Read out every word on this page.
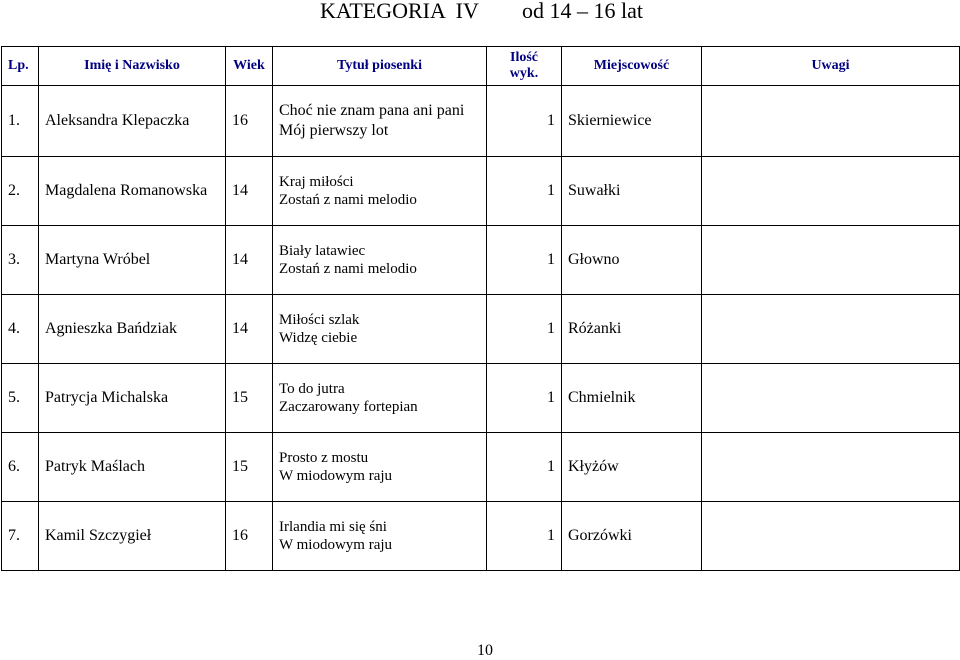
KATEGORIA  IV od 14 – 16 lat
Lp.	Imię i Nazwisko	Wiek	Tytuł piosenki	Ilość
wyk.	Miejscowość	Uwagi
1.	Aleksandra Klepaczka	16	Choć nie znam pana ani pani
Mój pierwszy lot	1	Skierniewice	
2.	Magdalena Romanowska	14	Kraj miłości
Zostań z nami melodio	1	Suwałki	
3.	Martyna Wróbel	14	Biały latawiec
Zostań z nami melodio	1	Głowno	
4.	Agnieszka Bańdziak	14	Miłości szlak
Widzę ciebie	1	Różanki	
5.	Patrycja Michalska	15	To do jutra
Zaczarowany fortepian	1	Chmielnik	
6.	Patryk Maślach	15	Prosto z mostu
W miodowym raju	1	Kłyżów	
7.	Kamil Szczygieł	16	Irlandia mi się śni
W miodowym raju	1	Gorzówki	
10
